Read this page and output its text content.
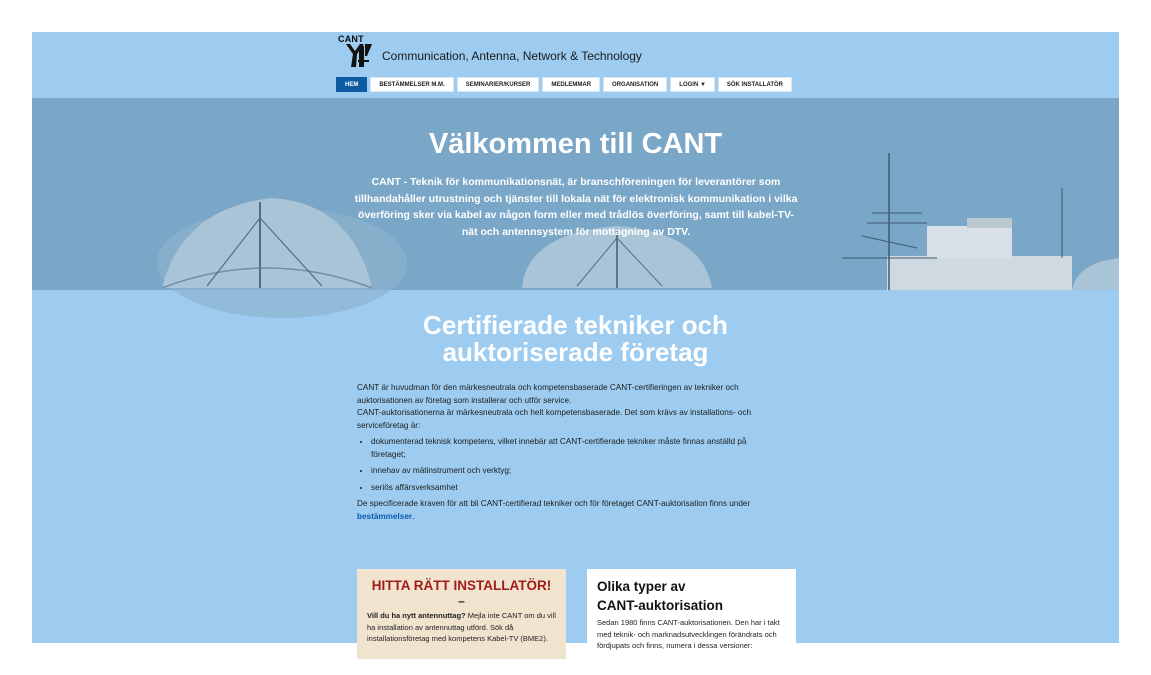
CANT
Communication, Antenna, Network & Technology
HEM	BESTÄMMELSER M.M.	SEMINARIER/KURSER	MEDLEMMAR	ORGANISATION	LOGIN ▼	SÖK INSTALLATÖR
Välkommen till CANT
CANT - Teknik för kommunikationsnät, är branschföreningen för leverantörer som tillhandahåller utrustning och tjänster till lokala nät för elektronisk kommunikation i vilka överföring sker via kabel av någon form eller med trådlös överföring, samt till kabel-TV-nät och antennsystem för mottagning av DTV.
Certifierade tekniker och
auktoriserade företag

CANT är huvudman för den märkesneutrala och kompetensbaserade CANT-certifieringen av tekniker och auktorisationen av företag som installerar och utför service.

CANT-auktorisationerna är märkesneutrala och helt kompetensbaserade. Det som krävs av installations- och serviceföretag är:

• dokumenterad teknisk kompetens, vilket innebär att CANT-certifierade tekniker måste finnas anställd på företaget;
• innehav av mätinstrument och verktyg;
• seriös affärsverksamhet

De specificerade kraven för att bli CANT-certifierad tekniker och för företaget CANT-auktorisation finns under bestämmelser.

HITTA RÄTT INSTALLATÖR!
–
Vill du ha nytt antennuttag? Mejla inte CANT om du vill ha installation av antennuttag utförd. Sök då installationsföretag med kompetens Kabel-TV (BME2).
Olika typer av
CANT-auktorisation
Sedan 1980 finns CANT-auktorisationen. Den har i takt med teknik- och marknadsutvecklingen förändrats och fördjupats och finns, numera i dessa versioner:
